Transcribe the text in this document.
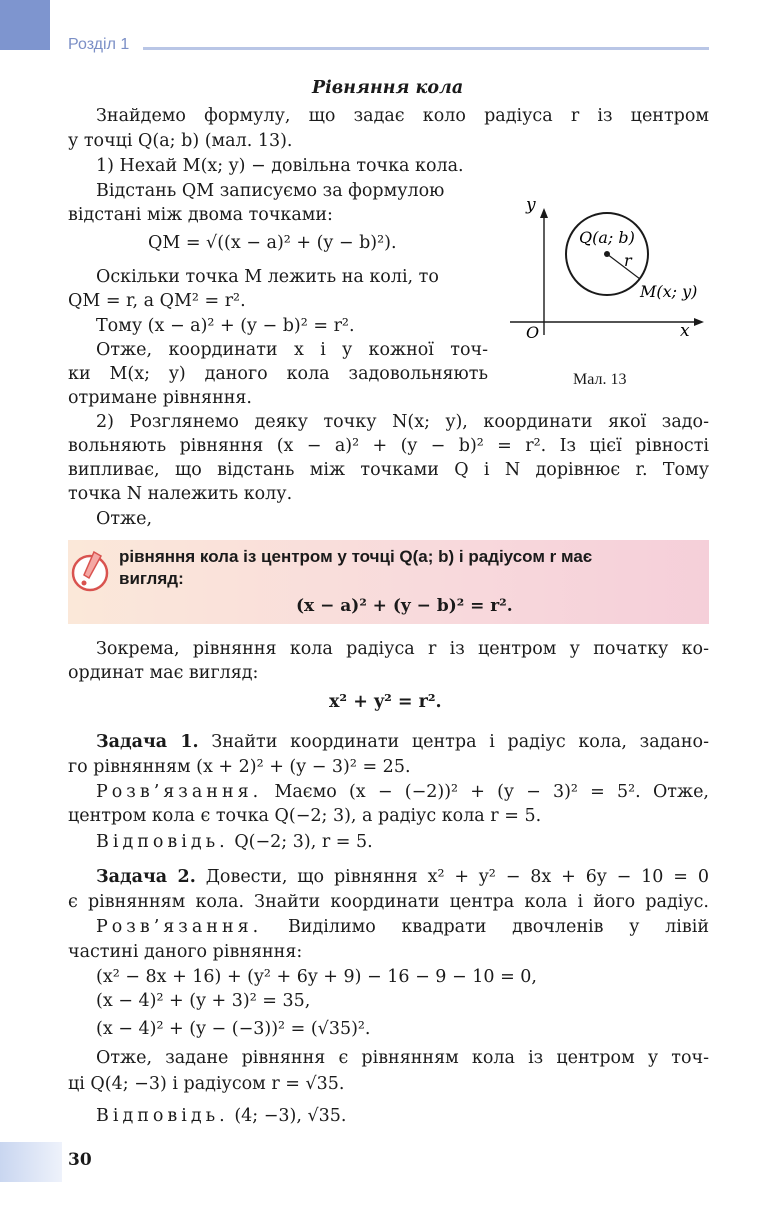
Розділ 1
Рівняння кола
Знайдемо формулу, що задає коло радіуса r із центром
у точці Q(a; b) (мал. 13).
1) Нехай M(x; y) − довільна точка кола.
Відстань QM записуємо за формулою
відстані між двома точками:
QM = √((x − a)² + (y − b)²).
Оскільки точка M лежить на колі, то
QM = r, а QM² = r².
Тому (x − a)² + (y − b)² = r².
Отже, координати x і y кожної точ-
ки M(x; y) даного кола задовольняють
отримане рівняння.
y
x
O
Q(a; b)
r
M(x; y)
Мал. 13
2) Розглянемо деяку точку N(x; y), координати якої задо-
вольняють рівняння (x − a)² + (y − b)² = r². Із цієї рівності
випливає, що відстань між точками Q і N дорівнює r. Тому
точка N належить колу.
Отже,
рівняння кола із центром у точці Q(a; b) і радіусом r має
вигляд:
(x − a)² + (y − b)² = r².
Зокрема, рівняння кола радіуса r із центром у початку ко-
ординат має вигляд:
x² + y² = r².
Задача 1. Знайти координати центра і радіус кола, задано-
го рівнянням (x + 2)² + (y − 3)² = 25.
Розв’язання. Маємо (x − (−2))² + (y − 3)² = 5². Отже,
центром кола є точка Q(−2; 3), а радіус кола r = 5.
Відповідь. Q(−2; 3), r = 5.
Задача 2. Довести, що рівняння x² + y² − 8x + 6y − 10 = 0
є рівнянням кола. Знайти координати центра кола і його радіус.
Розв’язання. Виділимо квадрати двочленів у лівій
частині даного рівняння:
(x² − 8x + 16) + (y² + 6y + 9) − 16 − 9 − 10 = 0,
(x − 4)² + (y + 3)² = 35,
(x − 4)² + (y − (−3))² = (√35)².
Отже, задане рівняння є рівнянням кола із центром у точ-
ці Q(4; −3) і радіусом r = √35.
Відповідь. (4; −3), √35.
30
